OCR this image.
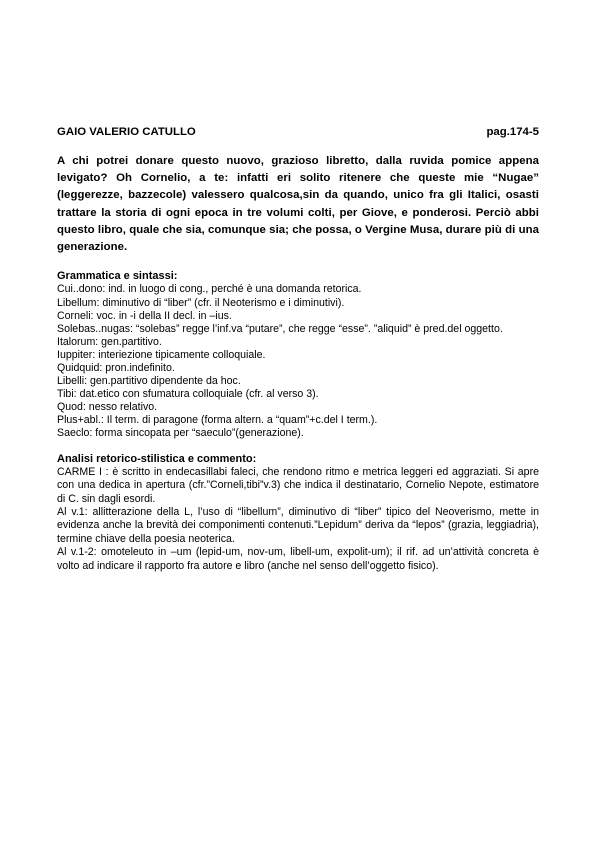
GAIO VALERIO CATULLO	pag.174-5
A chi potrei donare questo nuovo, grazioso libretto, dalla ruvida pomice appena levigato? Oh Cornelio, a te: infatti eri solito ritenere che queste mie “Nugae” (leggerezze, bazzecole) valessero qualcosa,sin da quando, unico fra gli Italici, osasti trattare la storia di ogni epoca in tre volumi colti, per Giove, e ponderosi. Perciò abbi questo libro, quale che sia, comunque sia; che possa, o Vergine Musa, durare più di una generazione.
Grammatica e sintassi:
Cui..dono: ind. in luogo di cong., perché è una domanda retorica.
Libellum: diminutivo di “liber” (cfr. il Neoterismo e i diminutivi).
Corneli: voc. in -i della II decl. in –ius.
Solebas..nugas: “solebas” regge l’inf.va “putare”, che regge “esse”. ”aliquid” è pred.del oggetto.
Italorum: gen.partitivo.
Iuppiter: interiezione tipicamente colloquiale.
Quidquid: pron.indefinito.
Libelli: gen.partitivo dipendente da hoc.
Tibi: dat.etico con sfumatura colloquiale (cfr. al verso 3).
Quod: nesso relativo.
Plus+abl.: Il term. di paragone (forma altern. a “quam”+c.del I term.).
Saeclo: forma sincopata per “saeculo”(generazione).
Analisi retorico-stilistica e commento:
CARME I : è scritto in endecasillabi faleci, che rendono ritmo e metrica leggeri ed aggraziati. Si apre con una dedica in apertura (cfr.”Corneli,tibi”v.3) che indica il destinatario, Cornelio Nepote, estimatore di C. sin dagli esordi.
Al v.1: allitterazione della L, l’uso di “libellum”, diminutivo di “liber” tipico del Neoverismo, mette in evidenza anche la brevità dei componimenti contenuti.”Lepidum” deriva da “lepos” (grazia, leggiadria), termine chiave della poesia neoterica.
Al v.1-2: omoteleuto in –um (lepid-um, nov-um, libell-um, expolit-um); il rif. ad un’attività concreta è volto ad indicare il rapporto fra autore e libro (anche nel senso dell’oggetto fisico).
